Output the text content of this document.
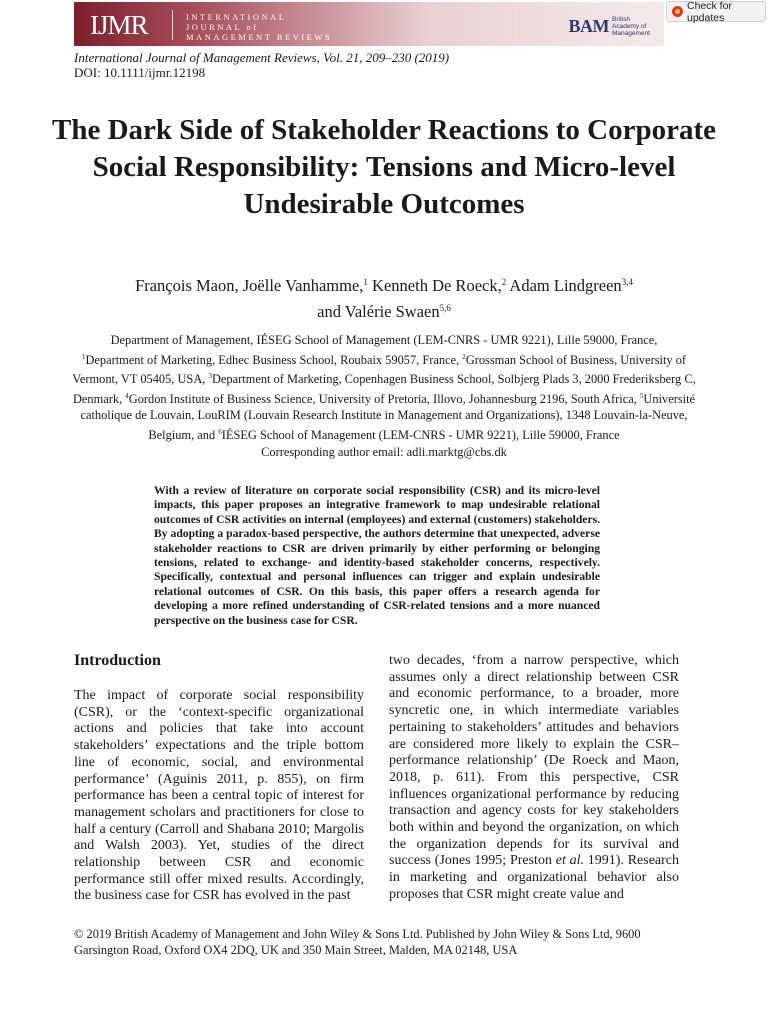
IJMR	INTERNATIONAL
JOURNAL of
MANAGEMENT REVIEWS
BAM British Academy of Management
Check for updates
International Journal of Management Reviews, Vol. 21, 209–230 (2019)
DOI: 10.1111/ijmr.12198
The Dark Side of Stakeholder Reactions to Corporate Social Responsibility: Tensions and Micro-level Undesirable Outcomes
François Maon, Joëlle Vanhamme,$^1$ Kenneth De Roeck,$^2$ Adam Lindgreen$^{3,4}$
and Valérie Swaen$^{5,6}$
Department of Management, IÉSEG School of Management (LEM-CNRS - UMR 9221), Lille 59000, France,
$^1$Department of Marketing, Edhec Business School, Roubaix 59057, France, $^2$Grossman School of Business, University of Vermont, VT 05405, USA, $^3$Department of Marketing, Copenhagen Business School, Solbjerg Plads 3, 2000 Frederiksberg C, Denmark, $^4$Gordon Institute of Business Science, University of Pretoria, Illovo, Johannesburg 2196, South Africa, $^5$Université catholique de Louvain, LouRIM (Louvain Research Institute in Management and Organizations), 1348 Louvain-la-Neuve, Belgium, and $^6$IÉSEG School of Management (LEM-CNRS - UMR 9221), Lille 59000, France
Corresponding author email: adli.marktg@cbs.dk
With a review of literature on corporate social responsibility (CSR) and its micro-level impacts, this paper proposes an integrative framework to map undesirable relational outcomes of CSR activities on internal (employees) and external (customers) stakeholders. By adopting a paradox-based perspective, the authors determine that unexpected, adverse stakeholder reactions to CSR are driven primarily by either performing or belonging tensions, related to exchange- and identity-based stakeholder concerns, respectively. Specifically, contextual and personal influences can trigger and explain undesirable relational outcomes of CSR. On this basis, this paper offers a research agenda for developing a more refined understanding of CSR-related tensions and a more nuanced perspective on the business case for CSR.
Introduction
The impact of corporate social responsibility (CSR), or the ‘context-specific organizational actions and policies that take into account stakeholders’ expectations and the triple bottom line of economic, social, and environmental performance’ (Aguinis 2011, p. 855), on firm performance has been a central topic of interest for management scholars and practitioners for close to half a century (Carroll and Shabana 2010; Margolis and Walsh 2003). Yet, studies of the direct relationship between CSR and economic performance still offer mixed results. Accordingly, the business case for CSR has evolved in the past
two decades, ‘from a narrow perspective, which assumes only a direct relationship between CSR and economic performance, to a broader, more syncretic one, in which intermediate variables pertaining to stakeholders’ attitudes and behaviors are considered more likely to explain the CSR–performance relationship’ (De Roeck and Maon, 2018, p. 611). From this perspective, CSR influences organizational performance by reducing transaction and agency costs for key stakeholders both within and beyond the organization, on which the organization depends for its survival and success (Jones 1995; Preston et al. 1991). Research in marketing and organizational behavior also proposes that CSR might create value and
© 2019 British Academy of Management and John Wiley & Sons Ltd. Published by John Wiley & Sons Ltd, 9600 Garsington Road, Oxford OX4 2DQ, UK and 350 Main Street, Malden, MA 02148, USA
